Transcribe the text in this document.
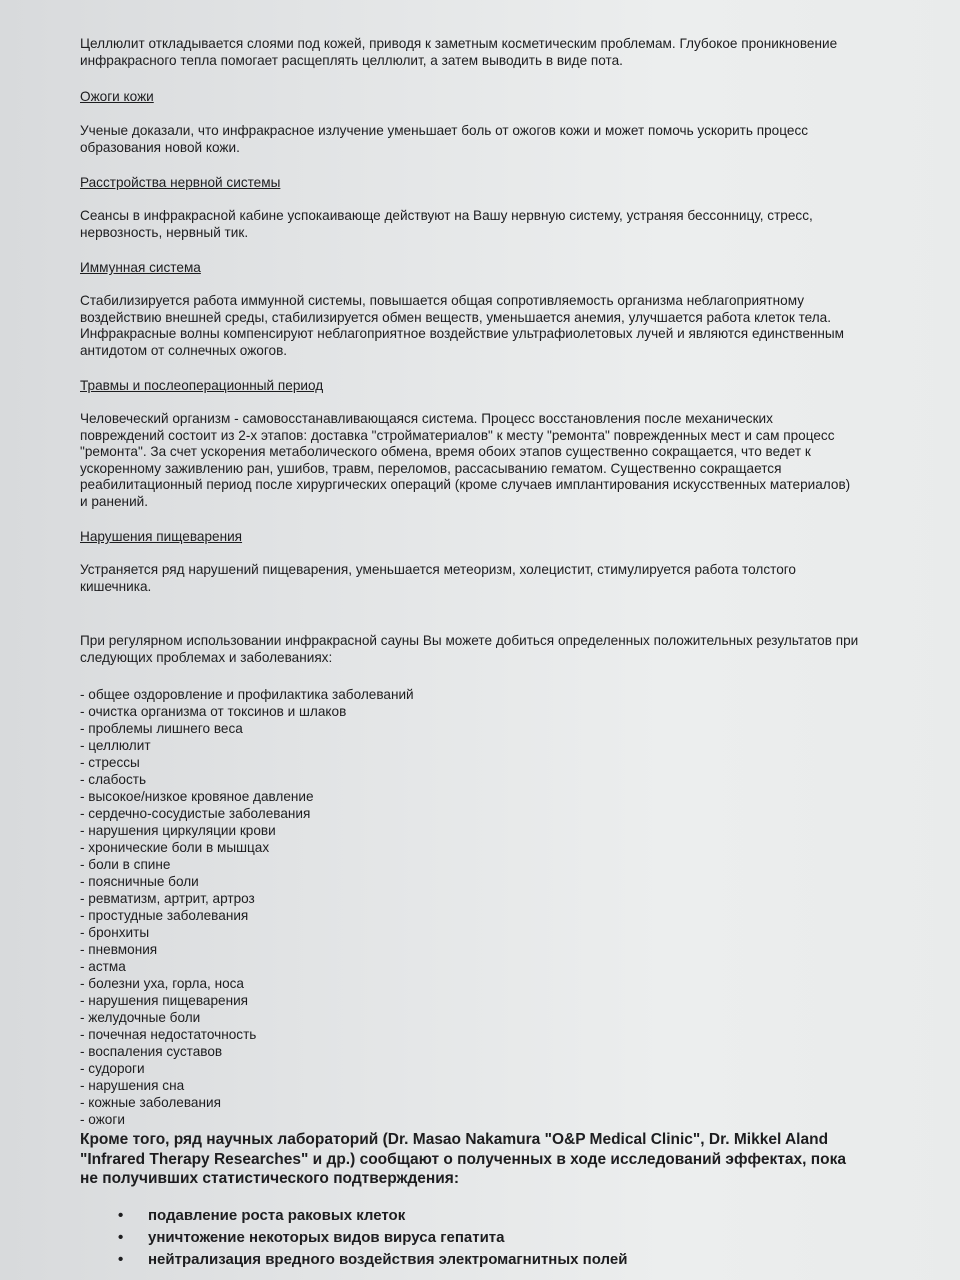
Целлюлит откладывается слоями под кожей, приводя к заметным косметическим проблемам. Глубокое проникновение инфракрасного тепла помогает расщеплять целлюлит, а затем выводить в виде пота.

Ожоги кожи

Ученые доказали, что инфракрасное излучение уменьшает боль от ожогов кожи и может помочь ускорить процесс образования новой кожи.

Расстройства нервной системы

Сеансы в инфракрасной кабине успокаивающе действуют на Вашу нервную систему, устраняя бессонницу, стресс, нервозность, нервный тик.

Иммунная система

Стабилизируется работа иммунной системы, повышается общая сопротивляемость организма неблагоприятному воздействию внешней среды, стабилизируется обмен веществ, уменьшается анемия, улучшается работа клеток тела. Инфракрасные волны компенсируют неблагоприятное воздействие ультрафиолетовых лучей и являются единственным антидотом от солнечных ожогов.

Травмы и послеоперационный период

Человеческий организм - самовосстанавливающаяся система. Процесс восстановления после механических повреждений состоит из 2-х этапов: доставка "стройматериалов" к месту "ремонта" поврежденных мест и сам процесс "ремонта". За счет ускорения метаболического обмена, время обоих этапов существенно сокращается, что ведет к ускоренному заживлению ран, ушибов, травм, переломов, рассасыванию гематом. Существенно сокращается реабилитационный период после хирургических операций (кроме случаев имплантирования искусственных материалов) и ранений.

Нарушения пищеварения

Устраняется ряд нарушений пищеварения, уменьшается метеоризм, холецистит, стимулируется работа толстого кишечника.

При регулярном использовании инфракрасной сауны Вы можете добиться определенных положительных результатов при следующих проблемах и заболеваниях:

- общее оздоровление и профилактика заболеваний
- очистка организма от токсинов и шлаков
- проблемы лишнего веса
- целлюлит
- стрессы
- слабость
- высокое/низкое кровяное давление
- сердечно-сосудистые заболевания
- нарушения циркуляции крови
- хронические боли в мышцах
- боли в спине
- поясничные боли
- ревматизм, артрит, артроз
- простудные заболевания
- бронхиты
- пневмония
- астма
- болезни уха, горла, носа
- нарушения пищеварения
- желудочные боли
- почечная недостаточность
- воспаления суставов
- судороги
- нарушения сна
- кожные заболевания
- ожоги

Кроме того, ряд научных лабораторий (Dr. Masao Nakamura "O&P Medical Clinic", Dr. Mikkel Aland "Infrared Therapy Researches" и др.) сообщают о полученных в ходе исследований эффектах, пока не получивших статистического подтверждения:

• подавление роста раковых клеток
• уничтожение некоторых видов вируса гепатита
• нейтрализация вредного воздействия электромагнитных полей
